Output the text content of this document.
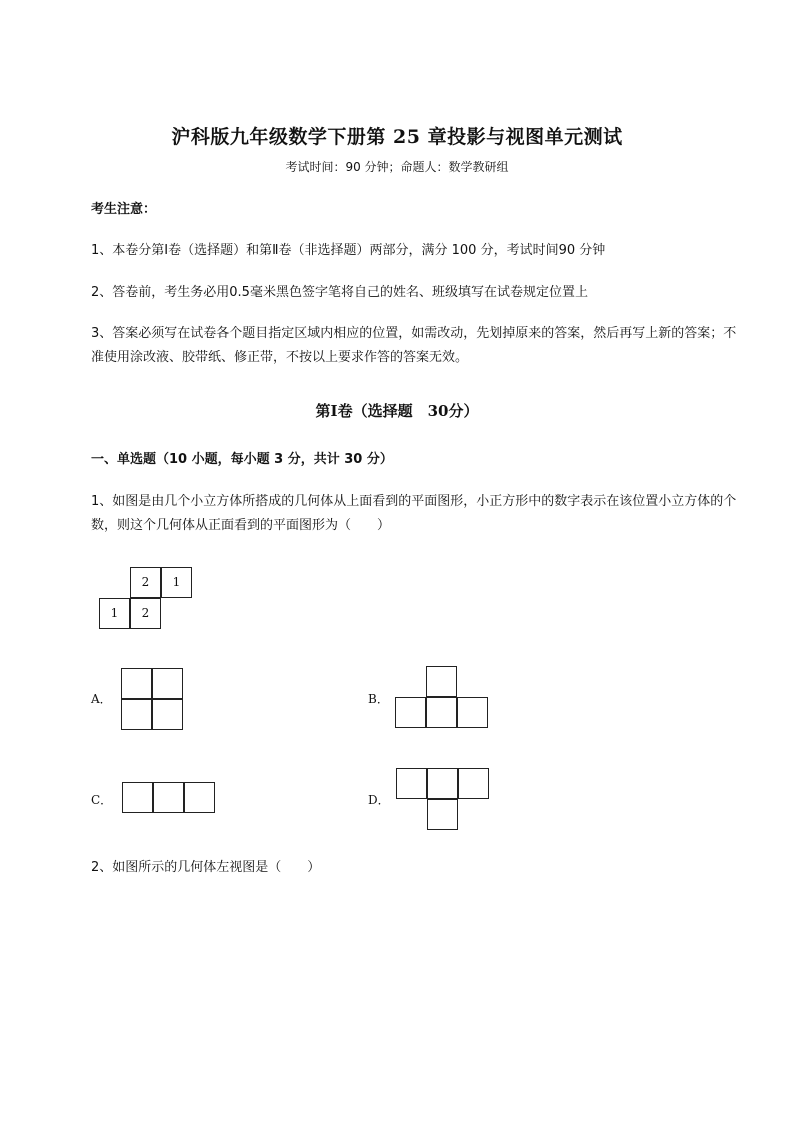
沪科版九年级数学下册第 25 章投影与视图单元测试
考试时间：90 分钟；命题人：数学教研组
考生注意：
1、本卷分第Ⅰ卷（选择题）和第Ⅱ卷（非选择题）两部分，满分 100 分，考试时间90 分钟
2、答卷前，考生务必用0.5毫米黑色签字笔将自己的姓名、班级填写在试卷规定位置上
3、答案必须写在试卷各个题目指定区域内相应的位置，如需改动，先划掉原来的答案，然后再写上新的答案；不准使用涂改液、胶带纸、修正带，不按以上要求作答的答案无效。
第Ⅰ卷（选择题　30分）
一、单选题（10 小题，每小题 3 分，共计 30 分）
1、如图是由几个小立方体所搭成的几何体从上面看到的平面图形，小正方形中的数字表示在该位置小立方体的个数，则这个几何体从正面看到的平面图形为（　　）
2	1
1	2
A．	B．
C．	D．
2、如图所示的几何体左视图是（　　）
